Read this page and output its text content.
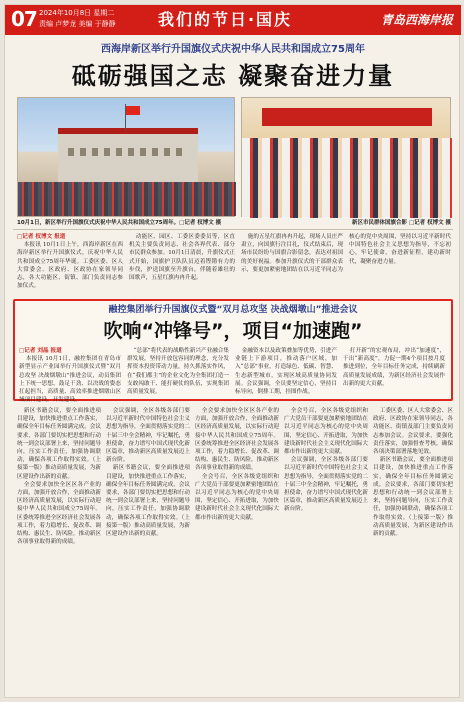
07 2024年10月8日 星期二
责编 卢梦龙 美编 于静静	我们的节日·国庆	青岛西海岸报
西海岸新区举行升国旗仪式庆祝中华人民共和国成立75周年
砥砺强国之志 凝聚奋进力量
10月1日，新区举行升国旗仪式庆祝中华人民共和国成立75周年。□记者 权博文 摄	新区市民群体国旗合影 □记者 权博文 摄

□记者 权博文 报道

本报讯 10月1日上午，西海岸新区在西海岸新区举行升国旗仪式，庆祝中华人民共和国成立75周年华诞。工委区委、区人大常委会、区政府、区政协在家领导同志，各大功能区、街镇、部门负责同志参加仪式。

动能区、园区、工委区委委员等，区直机关主要负责同志、社会各界代表、部分市民群众参加。10月1日清晨，升旗仪式正式开始，国旗护卫队队员迈着铿锵有力的步伐，护送国旗至升旗台，伴随着雄壮的国歌声，五星红旗冉冉升起。

施的五星红旗冉冉升起，现场人员庄严肃立，向国旗行注目礼，仪式结束后，现场市民纷纷与国旗合影留念，表达对祖国的美好祝福。参加升旗仪式的干部群众表示，要更加紧密地团结在以习近平同志为核心的党中央周围，坚持以习近平新时代中国特色社会主义思想为指导，不忘初心，牢记使命，奋进新征程，建功新时代，凝聚奋进力量。

融控集团举行升国旗仪式暨“双月总攻坚 决战烟墩山”推进会议
吹响“冲锋号”，项目“加速跑”

□记者 刘晶 报道

本报讯 10月1日，融控集团在青岛市新型显示产业园举行升国旗仪式暨“双月总攻坚 决战烟墩山”推进会议，动员集团上下统一思想、鼓足干劲、以决战的姿态扛起担当，高质量、高效率推进烟墩山区域项目建设。开发建设。

“总部”将代表的战略性新兴产业融合集群发展，坚持开放包容同的理念，充分发挥资本投资带动力量，持久抓落实作风，在“我们都主”的企业文化为全集团打造一支敢闯敢干、能打硬仗的队伍，实现集团高质量发展。

金融资本以及政策叠加等优势，引进产业链上下游项目，推动落户区域，加入“总部”事业，打造绿色、低碳、智慧、生态新型城市，实现区域高质量协同发展。会议强调，全员要坚定信心，坚持目标导向，倒排工期，挂图作战。

打开新“的宏观布局，冲出“加速度”，干出“新高度”，力促一期4个项目按月度推进到位，全年目标任务完成，持续刷新高质量发展成绩，为新区经济社会发展作出新的更大贡献。

新区书籍会议，要全面推进项目建设，加快推进重点工作落实，确保全年目标任务圆满完成。会议要求，各部门要切实把思想和行动统一到会议部署上来，坚持问题导向，压实工作责任，加强协调联动，确保各项工作取得实效。（上接第一版）推动高质量发展，为新区建设作出新的贡献。

全会要求加快全区区各产业的方面，加强开放合作，全面推动新区经济高质量发展，以实际行动迎接中华人民共和国成立75周年。区委统筹推进全区经济社会发展各项工作，着力稳增长、促改革、调结构、惠民生、防风险，推动新区各项事业取得新的成绩。

会议强调，全区各级各部门要以习近平新时代中国特色社会主义思想为指导，全面贯彻落实党的二十届三中全会精神，牢记嘱托，勇担使命，奋力谱写中国式现代化新区篇章，推动新区高质量发展迈上新台阶。

新区书籍会议，要全面推进项目建设，加快推进重点工作落实，确保全年目标任务圆满完成。会议要求，各部门要切实把思想和行动统一到会议部署上来，坚持问题导向，压实工作责任，加强协调联动，确保各项工作取得实效。（上接第一版）推动高质量发展，为新区建设作出新的贡献。

全会要求加快全区区各产业的方面，加强开放合作，全面推动新区经济高质量发展，以实际行动迎接中华人民共和国成立75周年。区委统筹推进全区经济社会发展各项工作，着力稳增长、促改革、调结构、惠民生、防风险，推动新区各项事业取得新的成绩。

全会号召，全区各级党组织和广大党员干部要更加紧密地团结在以习近平同志为核心的党中央周围，坚定信心、开拓进取，为加快建设新时代社会主义现代化国际大都市作出新的更大贡献。

全会号召，全区各级党组织和广大党员干部要更加紧密地团结在以习近平同志为核心的党中央周围，坚定信心、开拓进取，为加快建设新时代社会主义现代化国际大都市作出新的更大贡献。

会议强调，全区各级各部门要以习近平新时代中国特色社会主义思想为指导，全面贯彻落实党的二十届三中全会精神，牢记嘱托，勇担使命，奋力谱写中国式现代化新区篇章，推动新区高质量发展迈上新台阶。

工委区委、区人大常委会、区政府、区政协在家领导同志，各功能区、街镇及部门主要负责同志参加会议。会议要求，要强化责任落实，加强督查考核，确保各项决策部署落地见效。

新区书籍会议，要全面推进项目建设，加快推进重点工作落实，确保全年目标任务圆满完成。会议要求，各部门要切实把思想和行动统一到会议部署上来，坚持问题导向，压实工作责任，加强协调联动，确保各项工作取得实效。（上接第一版）推动高质量发展，为新区建设作出新的贡献。
